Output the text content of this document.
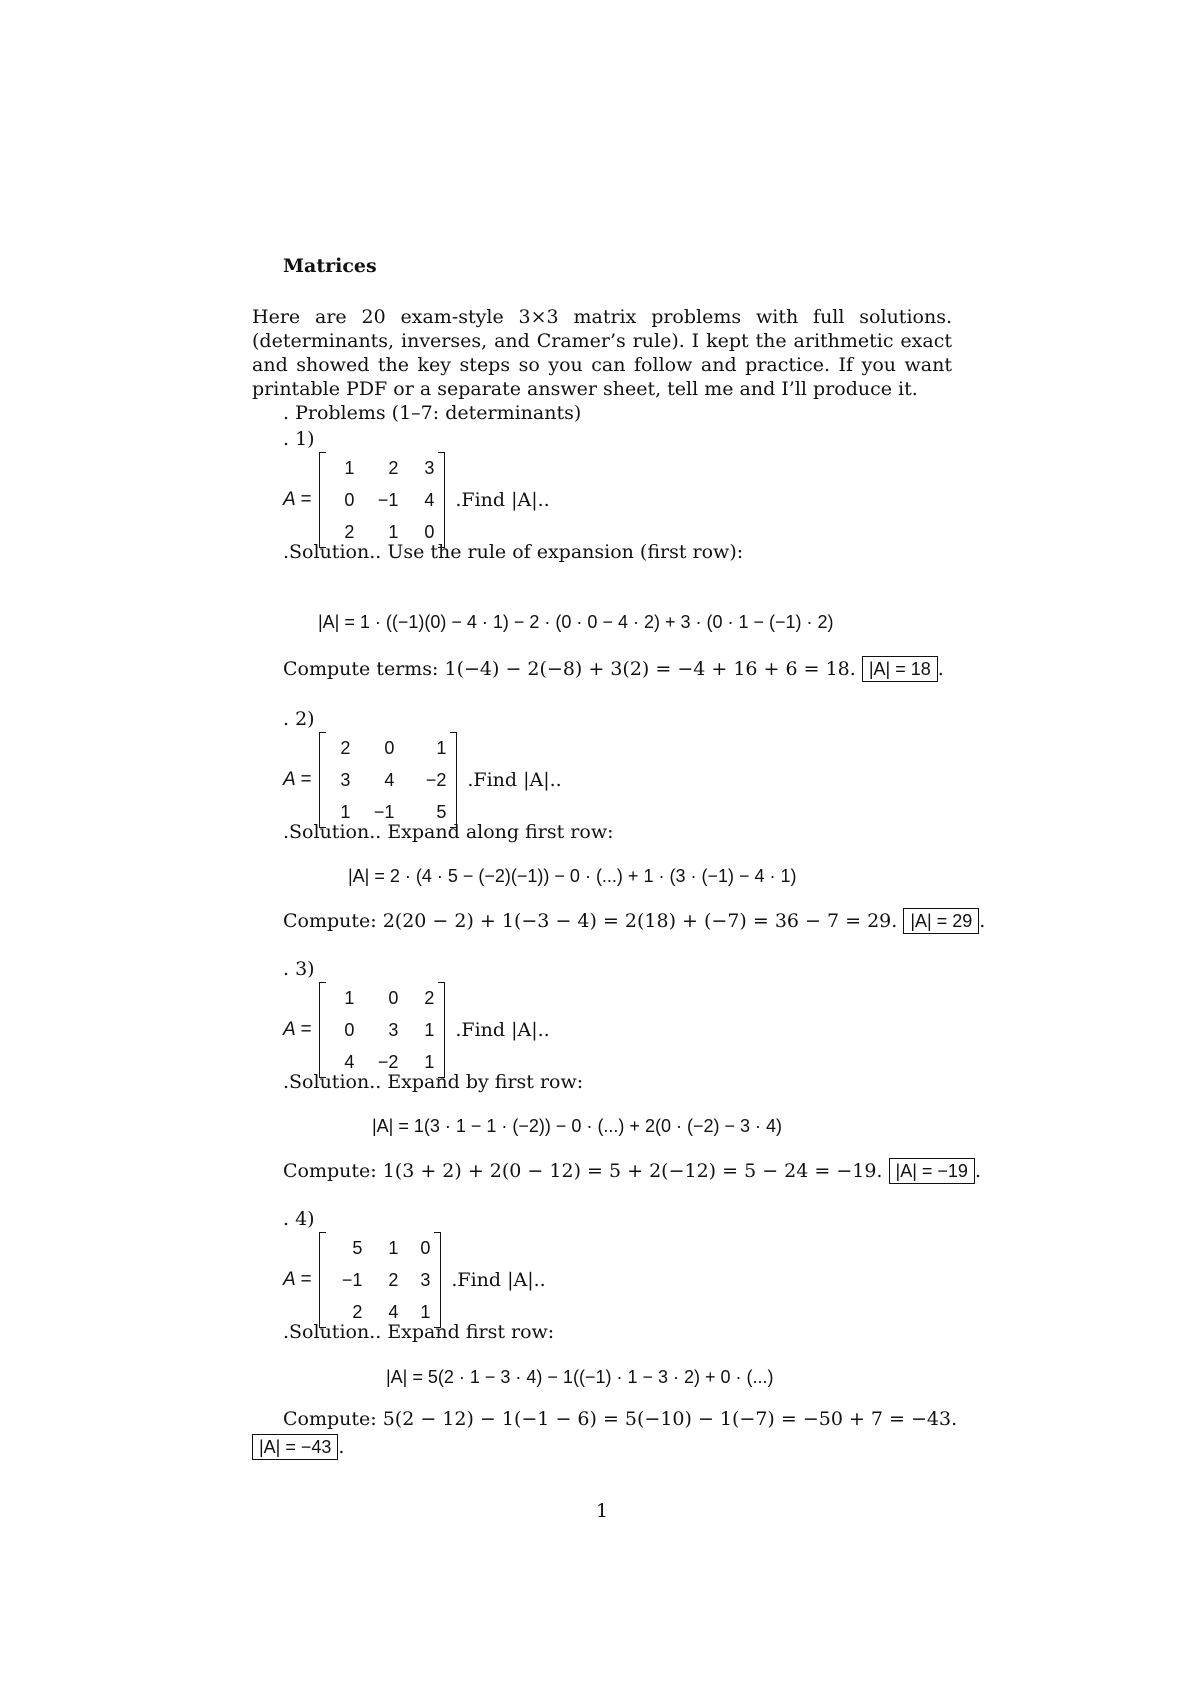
Matrices
Here are 20 exam-style 3×3 matrix problems with full solutions. (determinants, inverses, and Cramer’s rule). I kept the arithmetic exact and showed the key steps so you can follow and practice. If you want printable PDF or a separate answer sheet, tell me and I’ll produce it.
. Problems (1–7: determinants)
. 1)
A =
1	2	3
0	−1	4
2	1	0
.Find |A|..
.Solution.. Use the rule of expansion (first row):
|A| = 1 · ((−1)(0) − 4 · 1) − 2 · (0 · 0 − 4 · 2) + 3 · (0 · 1 − (−1) · 2)
Compute terms: 1(−4) − 2(−8) + 3(2) = −4 + 16 + 6 = 18. |A| = 18 .
. 2)
A =
2	0	1
3	4	−2
1	−1	5
.Find |A|..
.Solution.. Expand along first row:
|A| = 2 · (4 · 5 − (−2)(−1)) − 0 · (...) + 1 · (3 · (−1) − 4 · 1)
Compute: 2(20 − 2) + 1(−3 − 4) = 2(18) + (−7) = 36 − 7 = 29. |A| = 29 .
. 3)
A =
1	0	2
0	3	1
4	−2	1
.Find |A|..
.Solution.. Expand by first row:
|A| = 1(3 · 1 − 1 · (−2)) − 0 · (...) + 2(0 · (−2) − 3 · 4)
Compute: 1(3 + 2) + 2(0 − 12) = 5 + 2(−12) = 5 − 24 = −19. |A| = −19 .
. 4)
A =
5	1	0
−1	2	3
2	4	1
.Find |A|..
.Solution.. Expand first row:
|A| = 5(2 · 1 − 3 · 4) − 1((−1) · 1 − 3 · 2) + 0 · (...)
Compute: 5(2 − 12) − 1(−1 − 6) = 5(−10) − 1(−7) = −50 + 7 = −43.
|A| = −43 .
1
